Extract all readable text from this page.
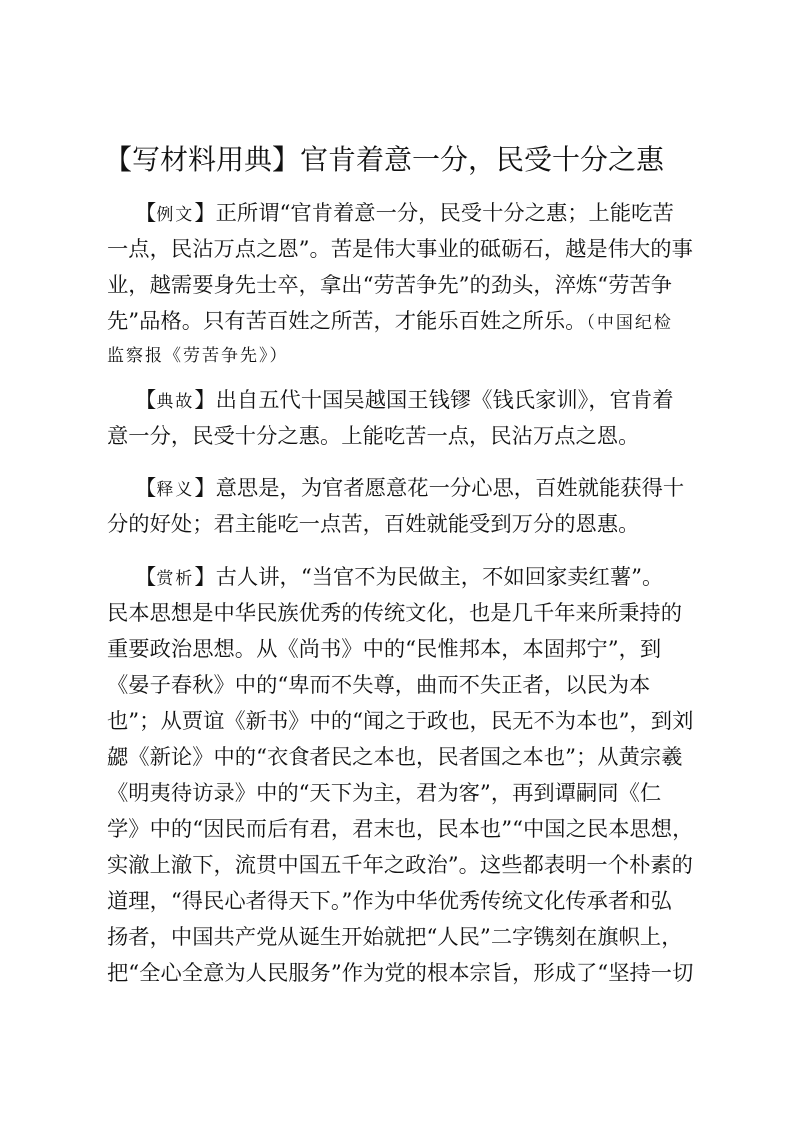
【写材料用典】官肯着意一分，民受十分之惠
【例文】正所谓“官肯着意一分，民受十分之惠；上能吃苦
一点，民沾万点之恩”。苦是伟大事业的砥砺石，越是伟大的事
业，越需要身先士卒，拿出“劳苦争先”的劲头，淬炼“劳苦争
先”品格。只有苦百姓之所苦，才能乐百姓之所乐。（中国纪检
监察报《劳苦争先》）
【典故】出自五代十国吴越国王钱镠《钱氏家训》，官肯着
意一分，民受十分之惠。上能吃苦一点，民沾万点之恩。
【释义】意思是，为官者愿意花一分心思，百姓就能获得十
分的好处；君主能吃一点苦，百姓就能受到万分的恩惠。
【赏析】古人讲，“当官不为民做主，不如回家卖红薯”。
民本思想是中华民族优秀的传统文化，也是几千年来所秉持的
重要政治思想。从《尚书》中的“民惟邦本，本固邦宁”，到
《晏子春秋》中的“卑而不失尊，曲而不失正者，以民为本
也”；从贾谊《新书》中的“闻之于政也，民无不为本也”，到刘
勰《新论》中的“衣食者民之本也，民者国之本也”；从黄宗羲
《明夷待访录》中的“天下为主，君为客”，再到谭嗣同《仁
学》中的“因民而后有君，君末也，民本也”“中国之民本思想，
实澈上澈下，流贯中国五千年之政治”。这些都表明一个朴素的
道理，“得民心者得天下。”作为中华优秀传统文化传承者和弘
扬者，中国共产党从诞生开始就把“人民”二字镌刻在旗帜上，
把“全心全意为人民服务”作为党的根本宗旨，形成了“坚持一切
